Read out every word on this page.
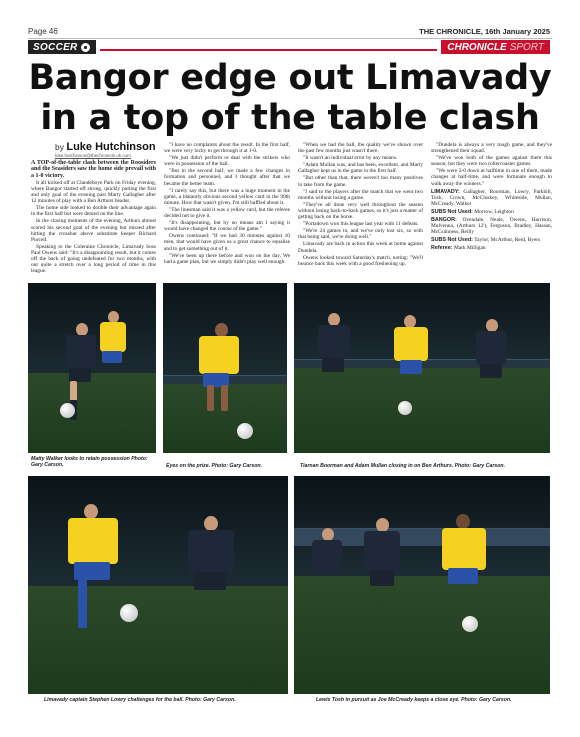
Page 46	THE CHRONICLE, 16th January 2025
SOCCER	CHRONICLE SPORT
Bangor edge out Limavady in a top of the table clash
by Luke Hutchinson
luke.hutchinson@thechronicle.uk.com

A TOP-of-the-table clash between the Roosiders and the Seasiders saw the home side prevail with a 1-0 victory.

It all kicked off at Clandeboye Park on Friday evening, where Bangor started off strong, quickly putting the first and only goal of the evening past Marty Gallagher after 12 minutes of play with a Ben Arthurs header.

The home side looked to double their advantage again in the first half but were denied on the line.

In the closing moments of the evening, Arthurs almost scored his second goal of the evening but missed after hitting the crossbar above substitute keeper Richard Purcell.

Speaking to the Coleraine Chronicle, Limavady boss Paul Owens said: "It's a disappointing result, but it comes off the back of going undefeated for two months, with our quite a stretch over a long period of time in this league.

"I have no complaints about the result. In the first half, we were very lucky to get through it at 1-0.

"We just didn't perform or deal with the strikers who were in possession of the ball.

"But in the second half, we made a few changes in formation and personnel, and I thought after that we became the better team.

"I rarely say this, but there was a huge moment in the game, a blatantly obvious second yellow card in the 90th minute. How that wasn't given, I'm still baffled about it.

"The linesman said it was a yellow card, but the referee decided not to give it.

"It's disappointing, but by no means am I saying it would have changed the course of the game."

Owens continued: "If we had 30 minutes against 10 men, that would have given us a great chance to equalise and to get something out of it.

"We've been up there before and won on the day. We had a game plan, but we simply didn't play well enough.

"When we had the ball, the quality we've shown over the past few months just wasn't there.

"It wasn't an individual error by any means.

"Adam Mullan was, and has been, excellent, and Marty Gallagher kept us in the game in the first half.

"But other than that, there weren't too many positives to take from the game.

"I said to the players after the match that we went two months without losing a game.

"They've all done very well throughout the season without losing back-to-back games, so it's just a matter of getting back on the horse.

"Portadown won this league last year with 11 defeats.

"We're 24 games in, and we've only lost six, so with that being said, we're doing well."

Limavady are back in action this week at home against Dundela.

Owens looked toward Saturday's match, noting: "We'll bounce back this week with a good freshening up.

"Dundela is always a very tough game, and they've strengthened their squad.

"We've won both of the games against them this season, but they were two rollercoaster games.

"We were 2-0 down at halftime in one of them, made changes at half-time, and were fortunate enough to walk away the winners."

LIMAVADY: Gallagher, Boorman, Lowry, Parkhill, Tosh, Crown, McCloskey, Whiteside, Mullan, McCready, Walker

SUBS Not Used: Morrow, Leighton

BANGOR: Ovendale, Neale, Owens, Harrison, Mulvenna, (Arthurs 12'), Ferguson, Bradley, Hassan, McGuinness, Reilly

SUBS Not Used: Taylor, McArthur, Reid, Byers

Referee: Mark Milligan

Matty Walker looks to retain possession Photo: Gary Carson.	Eyes on the prize. Photo: Gary Carson.	Tiarnan Boorman and Adam Mullan closing in on Ben Arthurs. Photo: Gary Carson.
Limavady captain Stephen Lowry challenges for the ball. Photo: Gary Carson.	Lewis Tosh in pursuit as Joe McCready keeps a close eye. Photo: Gary Carson.
